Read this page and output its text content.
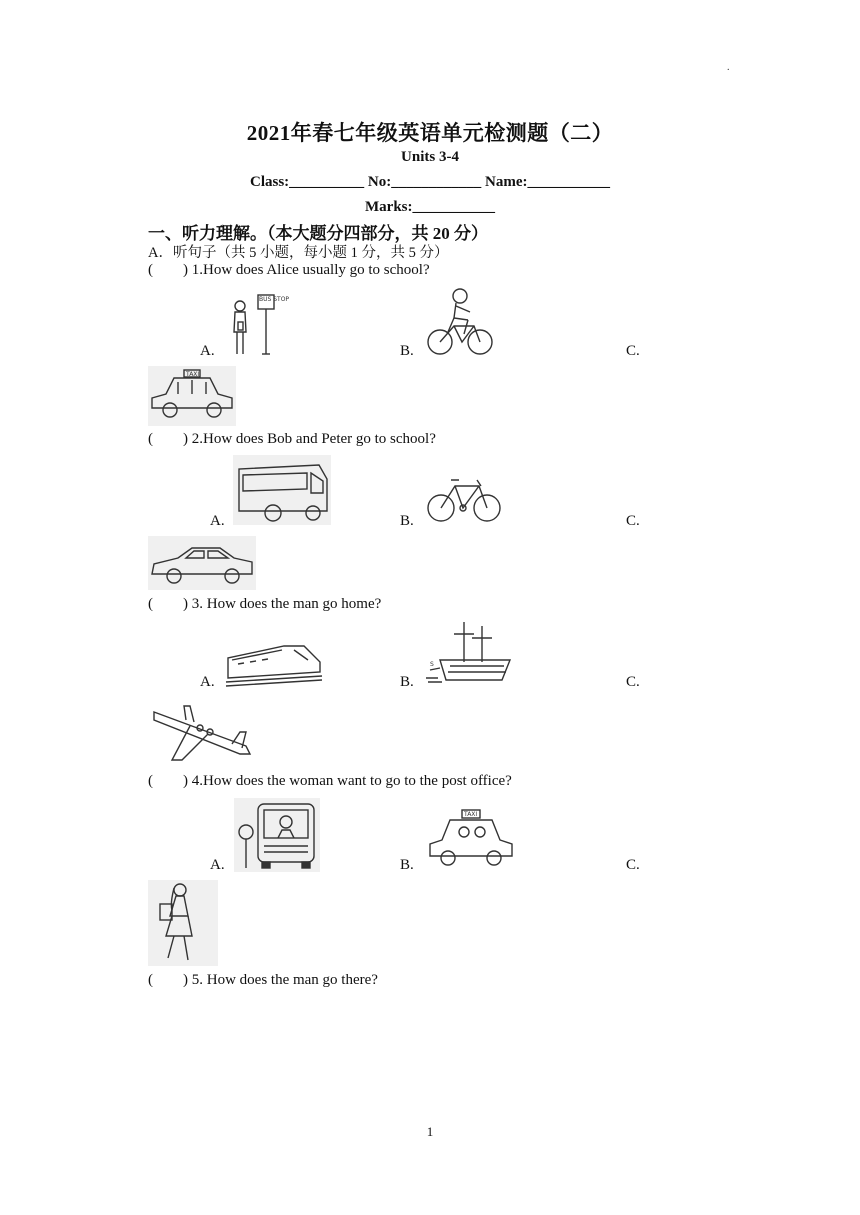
.
2021年春七年级英语单元检测题（二）
Units 3-4
Class:__________ No:____________ Name:___________
Marks:___________
一、听力理解。（本大题分四部分，共 20 分）
A．听句子（共 5 小题，每小题 1 分，共 5 分）
(        ) 1.How does Alice usually go to school?
A.	B.	C.
BUS STOP
TAXI
(        ) 2.How does Bob and Peter go to school?
A.	B.	C.
(        ) 3. How does the man go home?
A.	B.	C.
S
(        ) 4.How does the woman want to go to the post office?
A.	B.	C.
TAXI
(        ) 5. How does the man go there?
1
